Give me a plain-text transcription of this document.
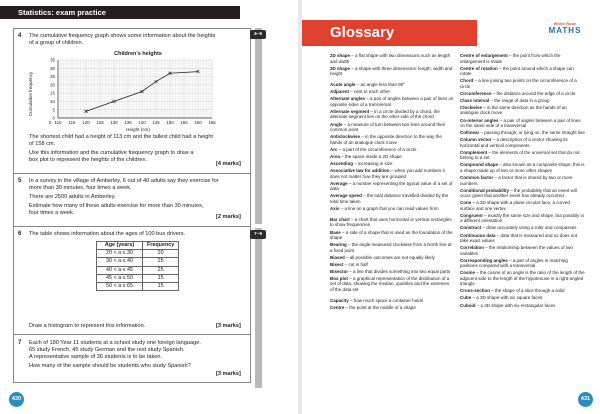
Statistics: exam practice
4 The cumulative frequency graph shows some information about the heights
of a group of children.
Children's heights
110 115 120 125 130 135 140 145 150 155 160 165
0
0
5
10
15
20
25
30
35
Height (cm)
Cumulative frequency
The shortest child had a height of 113 cm and the tallest child had a height
of 158 cm.
Use this information and the cumulative frequency graph to draw a
box plot to represent the heights of the children.
[4 marks]
5 In a survey in the village of Amberley, 6 out of 40 adults say they exercise for
more than 30 minutes, four times a week.
There are 2500 adults in Amberley.
Estimate how many of these adults exercise for more than 30 minutes,
four times a week.
[2 marks]
6 The table shows information about the ages of 100 bus drivers.
Age (years)	Frequency
20 < a ≤ 30	20
30 < a ≤ 40	25
40 < a ≤ 45	25
45 < a ≤ 50	15
50 < a ≤ 65	15
Draw a histogram to represent this information.	[3 marks]
7 Each of 180 Year 11 students at a school study one foreign language.
65 study French, 45 study German and the rest study Spanish.
A representative sample of 36 students is to be taken.
How many of the sample should be students who study Spanish?
[3 marks]
4–6
7–9
430
Glossary	White Rose
MATHS
2D shape – a flat shape with two dimensions such as length and width
3D shape – a shape with three dimensions: length, width and height
Acute angle – an angle less than 90°
Adjacent – next to each other
Alternate angles – a pair of angles between a pair of lines on opposite sides of a transversal
Alternate segment – in a circle divided by a chord, the alternate segment lies on the other side of the chord
Angle – a measure of turn between two lines around their common point
Anticlockwise – in the opposite direction to the way the hands of an analogue clock move
Arc – a part of the circumference of a circle
Area – the space inside a 2D shape
Ascending – increasing in size
Associative law for addition – when you add numbers it does not matter how they are grouped
Average – a number representing the typical value of a set of data
Average speed – the total distance travelled divided by the total time taken
Axis – a line on a graph that you can read values from
Bar chart – a chart that uses horizontal or vertical rectangles to show frequencies
Base – a side of a shape that is used as the foundation of the shape
Bearing – the angle measured clockwise from a North line at a fixed point
Biased – all possible outcomes are not equally likely
Bisect – cut in half
Bisector – a line that divides something into two equal parts
Box plot – a graphical representation of the distribution of a set of data, showing the median, quartiles and the extremes of the data set
Capacity – how much space a container holds
Centre – the point at the middle of a shape
Centre of enlargement – the point from which the enlargement is made
Centre of rotation – the point around which a shape can rotate
Chord – a line joining two points on the circumference of a circle
Circumference – the distance around the edge of a circle
Class interval – the range of data in a group
Clockwise – in the same direction as the hands of an analogue clock move
Co-interior angles – a pair of angles between a pair of lines on the same side of a transversal
Collinear – passing through, or lying on, the same straight line
Column vector – a description of a vector showing its horizontal and vertical components
Complement – the elements of the universal set that do not belong to a set
Compound shape – also known as a composite shape, this is a shape made up of two or more other shapes
Common factor – a factor that is shared by two or more numbers
Conditional probability – the probability that an event will occur given that another event has already occurred
Cone – a 3D shape with a plane circular face, a curved surface and one vertex
Congruent – exactly the same size and shape, but possibly in a different orientation
Construct – draw accurately using a ruler and compasses
Continuous data – data that is measured and so does not take exact values
Correlation – the relationship between the values of two variables
Corresponding angles – a pair of angles in matching positions compared with a transversal
Cosine – the cosine of an angle is the ratio of the length of the adjacent side to the length of the hypotenuse in a right-angled triangle
Cross-section – the shape of a slice through a solid
Cube – a 3D shape with six square faces
Cuboid – a 3D shape with six rectangular faces
431
